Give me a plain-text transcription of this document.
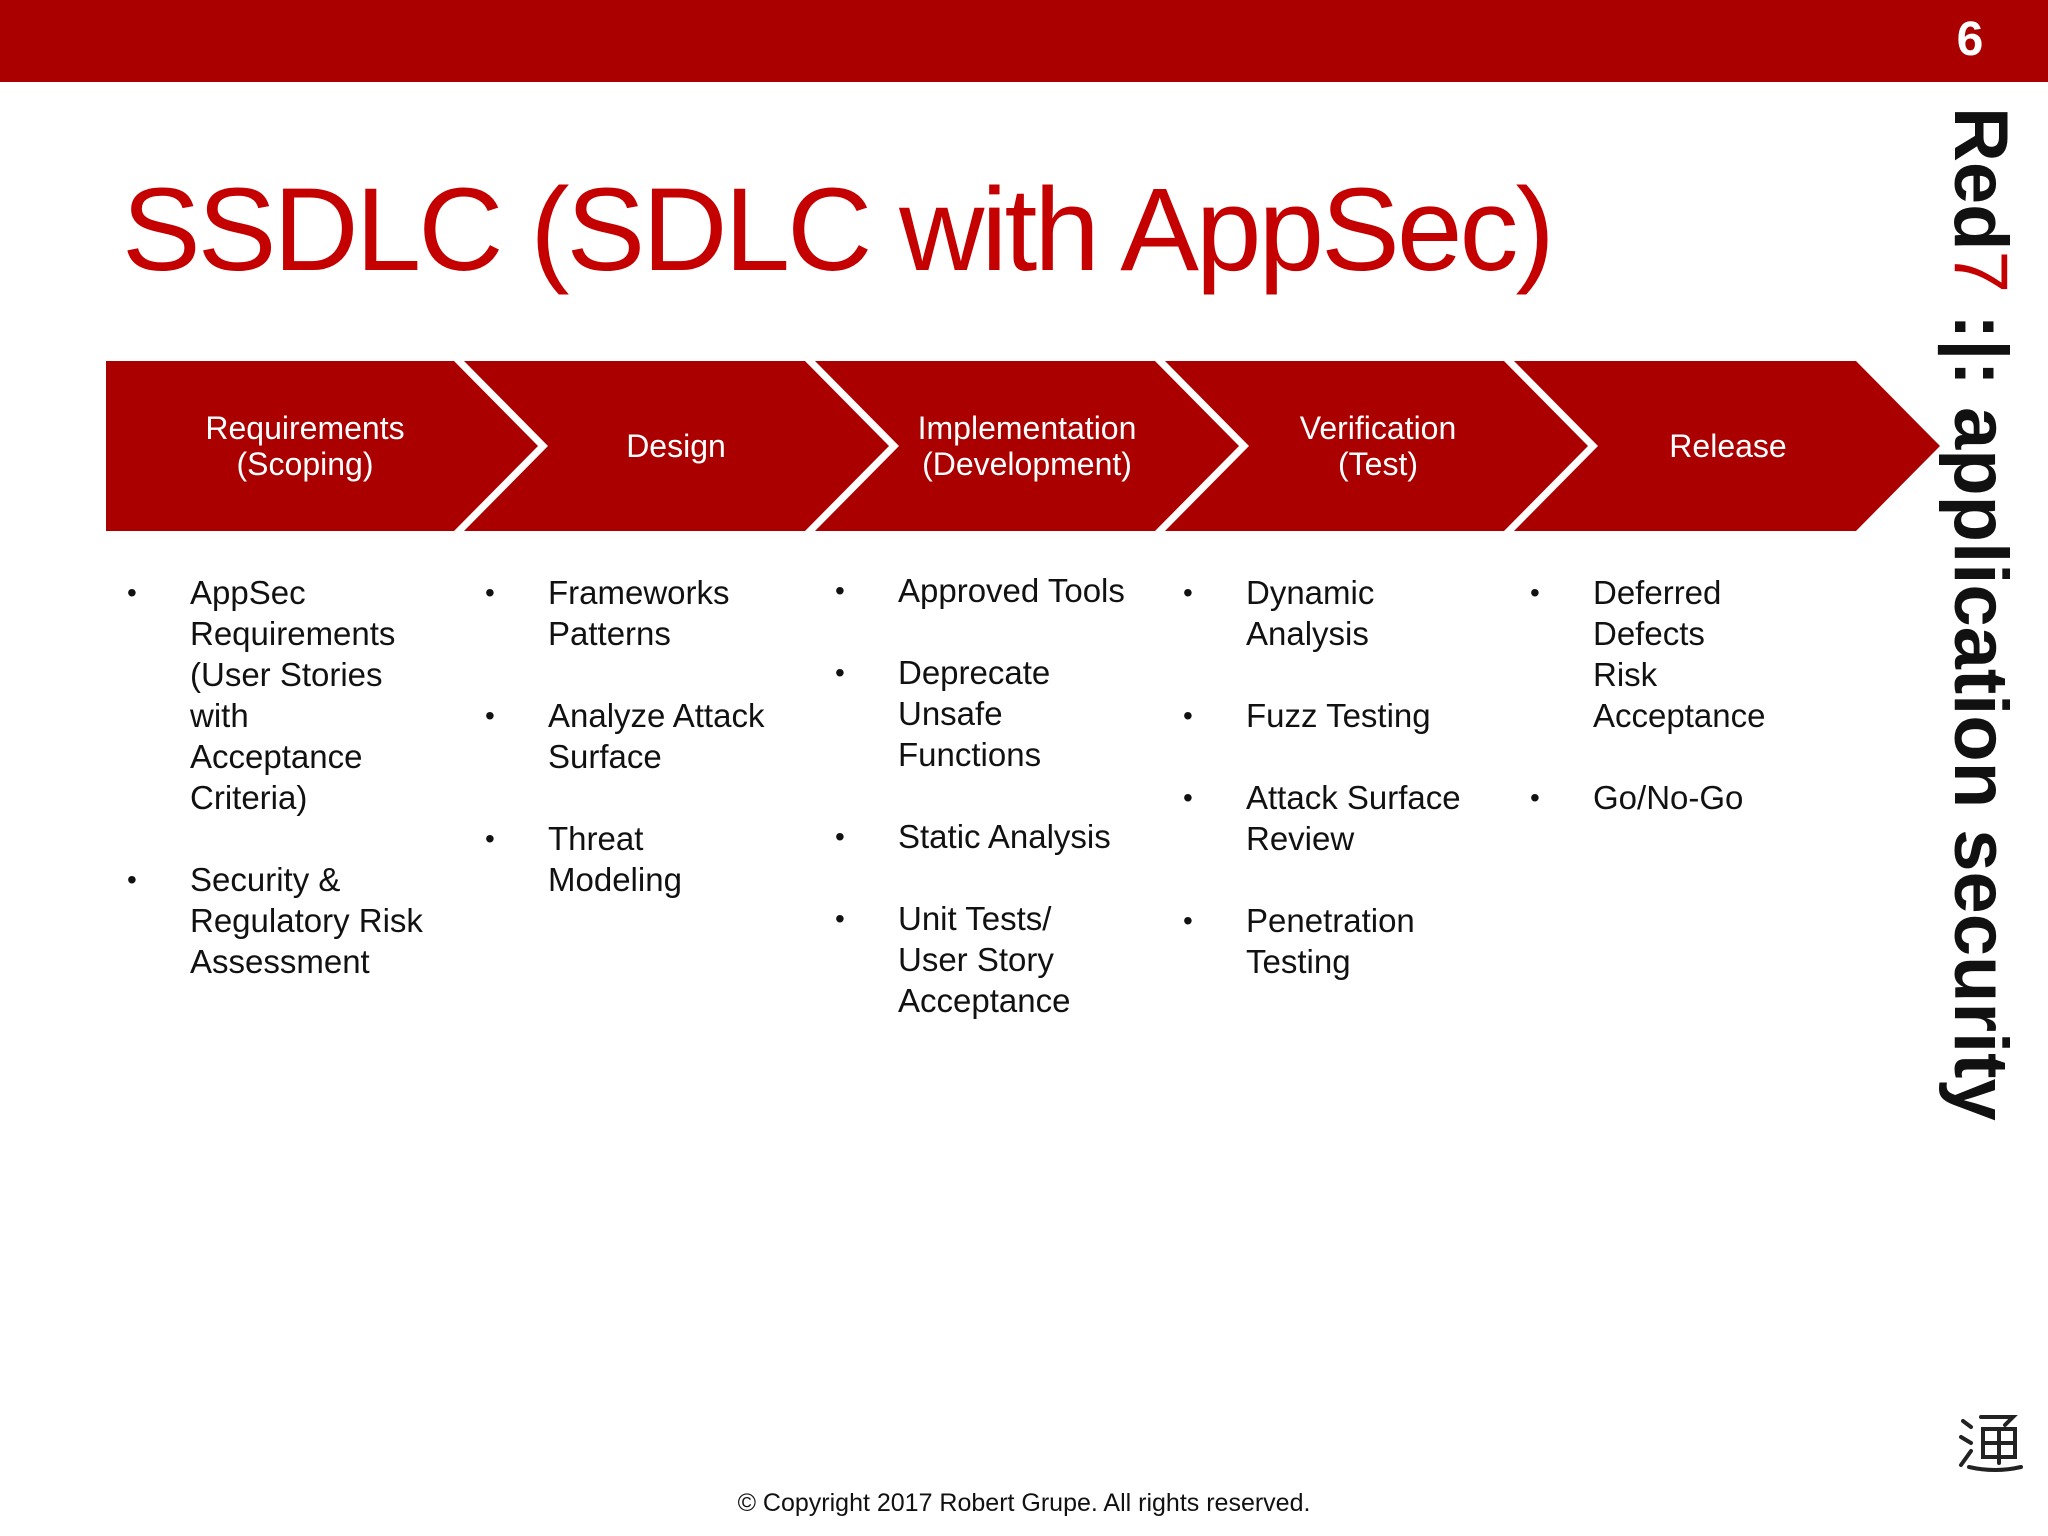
6
SSDLC (SDLC with AppSec)
Requirements
(Scoping)	Design	Implementation
(Development)
Verification
(Test)	Release
• AppSec
Requirements
(User Stories
with
Acceptance
Criteria)
• Security &
Regulatory Risk
Assessment
• Frameworks
Patterns
• Analyze Attack
Surface
• Threat
Modeling
• Approved Tools
• Deprecate
Unsafe
Functions
• Static Analysis
• Unit Tests/
User Story
Acceptance
• Dynamic
Analysis
• Fuzz Testing
• Attack Surface
Review
• Penetration
Testing
• Deferred
Defects
Risk
Acceptance
• Go/No-Go
Red7 :|: application security
© Copyright 2017 Robert Grupe. All rights reserved.
